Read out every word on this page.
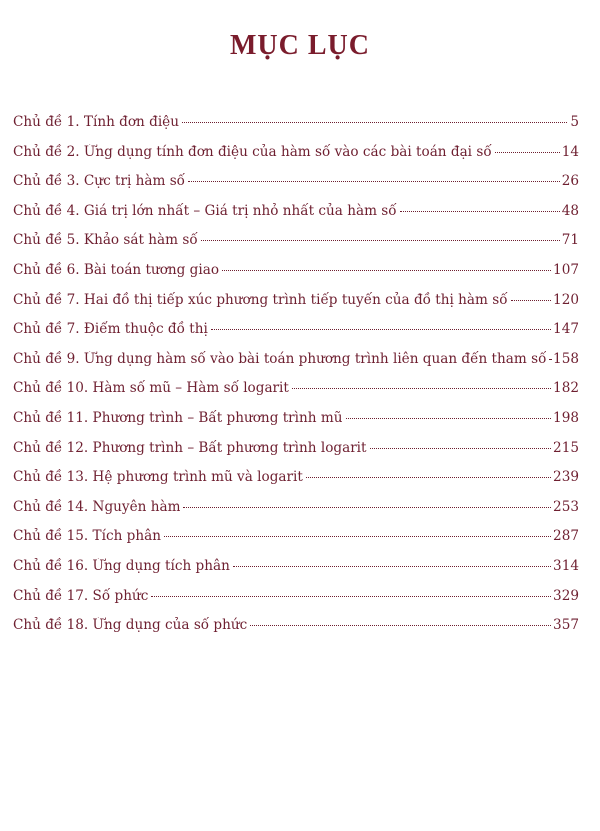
MỤC LỤC
Chủ đề 1. Tính đơn điệu	5
Chủ đề 2. Ứng dụng tính đơn điệu của hàm số vào các bài toán đại số	14
Chủ đề 3. Cực trị hàm số	26
Chủ đề 4. Giá trị lớn nhất – Giá trị nhỏ nhất của hàm số	48
Chủ đề 5. Khảo sát hàm số	71
Chủ đề 6. Bài toán tương giao	107
Chủ đề 7. Hai đồ thị tiếp xúc phương trình tiếp tuyến của đồ thị hàm số	120
Chủ đề 7. Điểm thuộc đồ thị	147
Chủ đề 9. Ứng dụng hàm số vào bài toán phương trình liên quan đến tham số 158
Chủ đề 10. Hàm số mũ – Hàm số logarit	182
Chủ đề 11. Phương trình – Bất phương trình mũ	198
Chủ đề 12. Phương trình – Bất phương trình logarit	215
Chủ đề 13. Hệ phương trình mũ và logarit	239
Chủ đề 14. Nguyên hàm	253
Chủ đề 15. Tích phân	287
Chủ đề 16. Ứng dụng tích phân	314
Chủ đề 17. Số phức	329
Chủ đề 18. Ứng dụng của số phức	357
